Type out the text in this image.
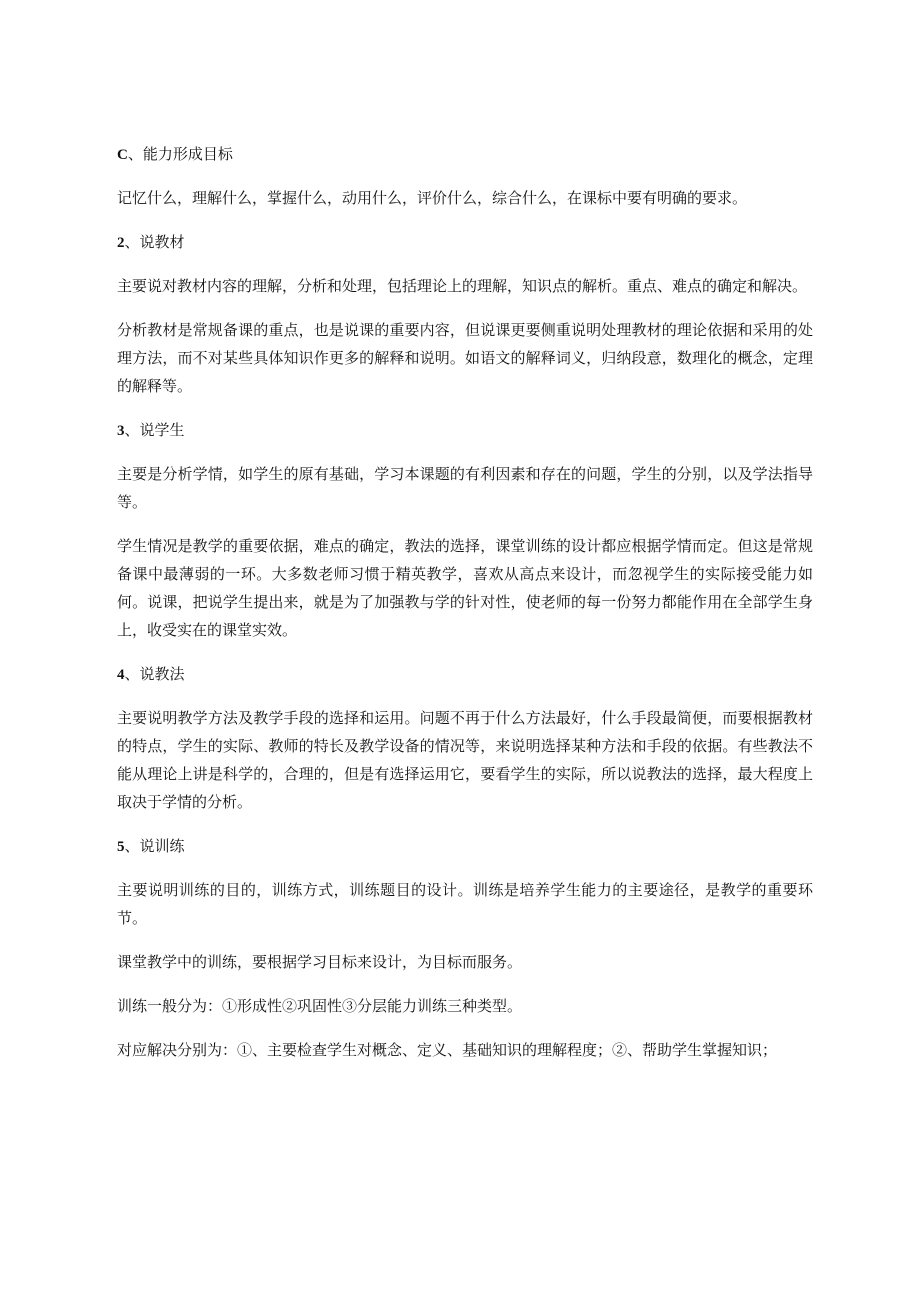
C、能力形成目标
记忆什么，理解什么，掌握什么，动用什么，评价什么，综合什么，在课标中要有明确的要求。
2、说教材
主要说对教材内容的理解，分析和处理，包括理论上的理解，知识点的解析。重点、难点的确定和解决。
分析教材是常规备课的重点，也是说课的重要内容，但说课更要侧重说明处理教材的理论依据和采用的处理方法，而不对某些具体知识作更多的解释和说明。如语文的解释词义，归纳段意，数理化的概念，定理的解释等。
3、说学生
主要是分析学情，如学生的原有基础，学习本课题的有利因素和存在的问题，学生的分别，以及学法指导等。
学生情况是教学的重要依据，难点的确定，教法的选择，课堂训练的设计都应根据学情而定。但这是常规备课中最薄弱的一环。大多数老师习惯于精英教学，喜欢从高点来设计，而忽视学生的实际接受能力如何。说课，把说学生提出来，就是为了加强教与学的针对性，使老师的每一份努力都能作用在全部学生身上，收受实在的课堂实效。
4、说教法
主要说明教学方法及教学手段的选择和运用。问题不再于什么方法最好，什么手段最简便，而要根据教材的特点，学生的实际、教师的特长及教学设备的情况等，来说明选择某种方法和手段的依据。有些教法不能从理论上讲是科学的，合理的，但是有选择运用它，要看学生的实际，所以说教法的选择，最大程度上取决于学情的分析。
5、说训练
主要说明训练的目的，训练方式，训练题目的设计。训练是培养学生能力的主要途径，是教学的重要环节。
课堂教学中的训练，要根据学习目标来设计，为目标而服务。
训练一般分为：①形成性②巩固性③分层能力训练三种类型。
对应解决分别为：①、主要检查学生对概念、定义、基础知识的理解程度；②、帮助学生掌握知识；
